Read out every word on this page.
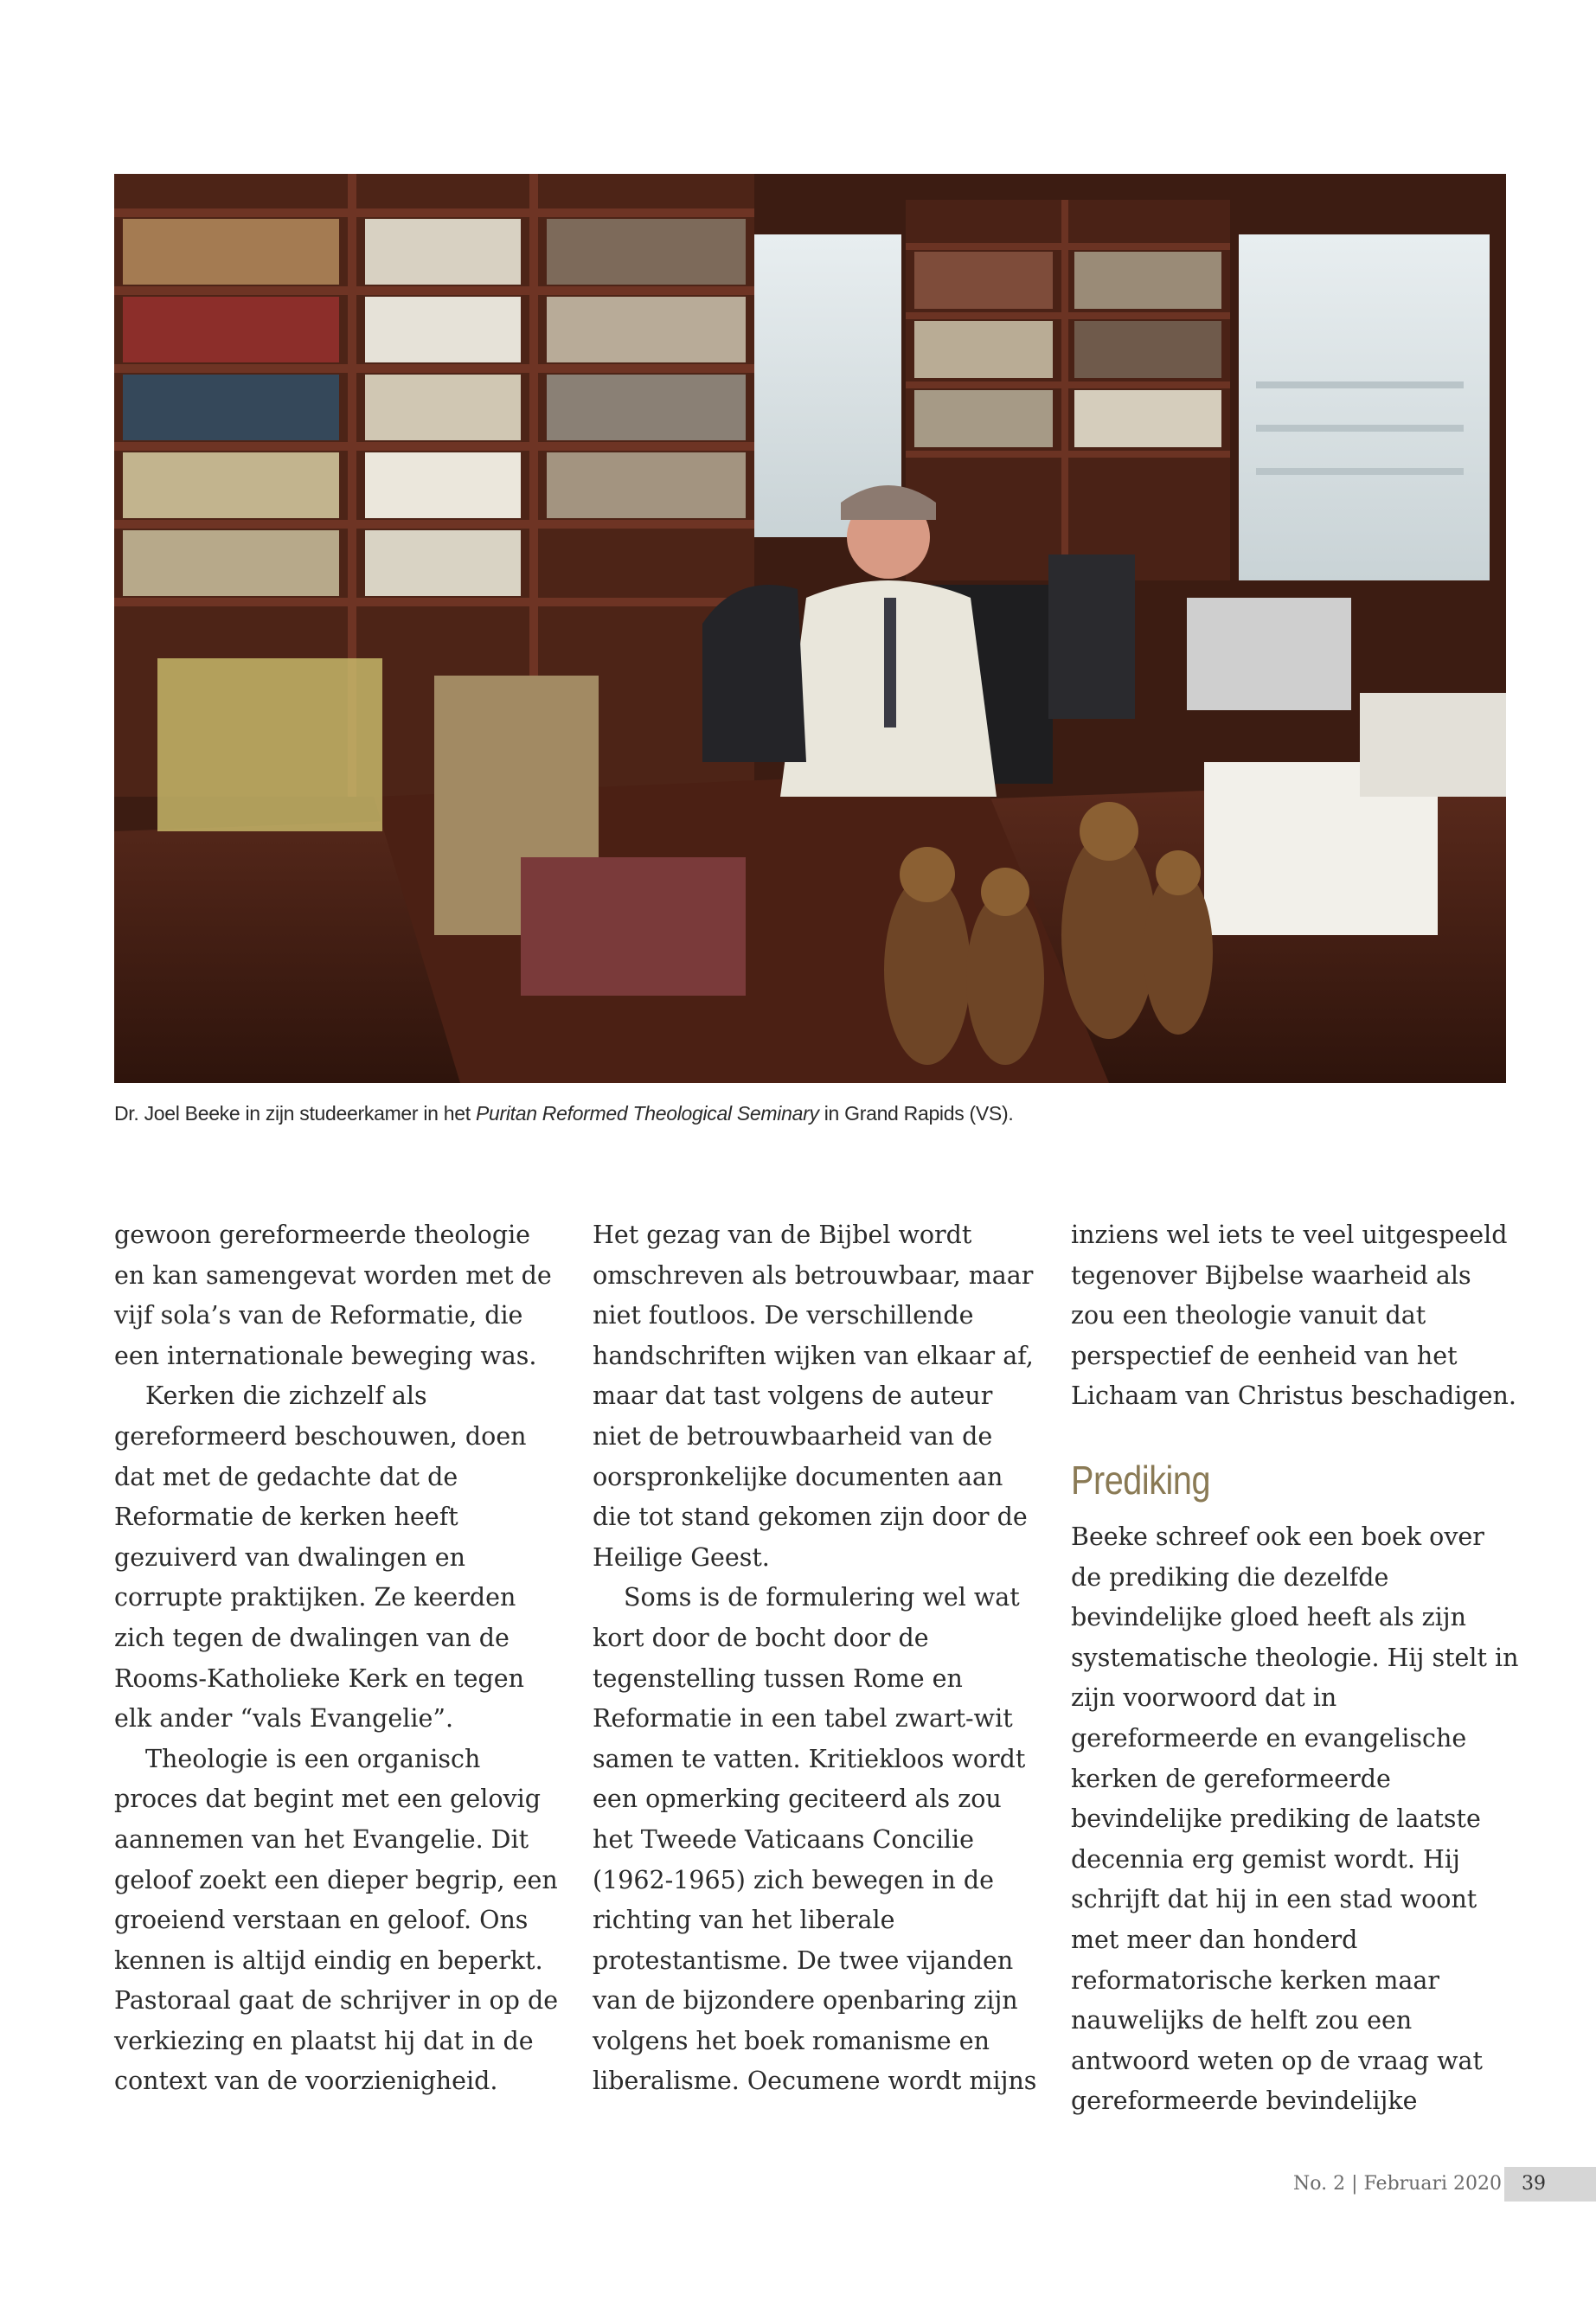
Dr. Joel Beeke in zijn studeerkamer in het Puritan Reformed Theological Seminary in Grand Rapids (VS).

gewoon gereformeerde theologie en kan samengevat worden met de vijf sola’s van de Reformatie, die een internationale beweging was.

Kerken die zichzelf als gereformeerd beschouwen, doen dat met de gedachte dat de Reformatie de kerken heeft gezuiverd van dwalingen en corrupte praktijken. Ze keerden zich tegen de dwalingen van de Rooms-Katholieke Kerk en tegen elk ander “vals Evangelie”.

Theologie is een organisch proces dat begint met een gelovig aannemen van het Evangelie. Dit geloof zoekt een dieper begrip, een groeiend verstaan en geloof. Ons kennen is altijd eindig en beperkt. Pastoraal gaat de schrijver in op de verkiezing en plaatst hij dat in de context van de voorzienigheid.

Het gezag van de Bijbel wordt omschreven als betrouwbaar, maar niet foutloos. De verschillende handschriften wijken van elkaar af, maar dat tast volgens de auteur niet de betrouwbaarheid van de oorspronkelijke documenten aan die tot stand gekomen zijn door de Heilige Geest.

Soms is de formulering wel wat kort door de bocht door de tegenstelling tussen Rome en Reformatie in een tabel zwart-wit samen te vatten. Kritiekloos wordt een opmerking geciteerd als zou het Tweede Vaticaans Concilie (1962-1965) zich bewegen in de richting van het liberale protestantisme. De twee vijanden van de bijzondere openbaring zijn volgens het boek romanisme en liberalisme. Oecumene wordt mijns

inziens wel iets te veel uitgespeeld tegenover Bijbelse waarheid als zou een theologie vanuit dat perspectief de eenheid van het Lichaam van Christus beschadigen.

Prediking

Beeke schreef ook een boek over de prediking die dezelfde bevindelijke gloed heeft als zijn systematische theologie. Hij stelt in zijn voorwoord dat in gereformeerde en evangelische kerken de gereformeerde bevindelijke prediking de laatste decennia erg gemist wordt. Hij schrijft dat hij in een stad woont met meer dan honderd reformatorische kerken maar nauwelijks de helft zou een antwoord weten op de vraag wat gereformeerde bevindelijke

No. 2 | Februari 2020 39
